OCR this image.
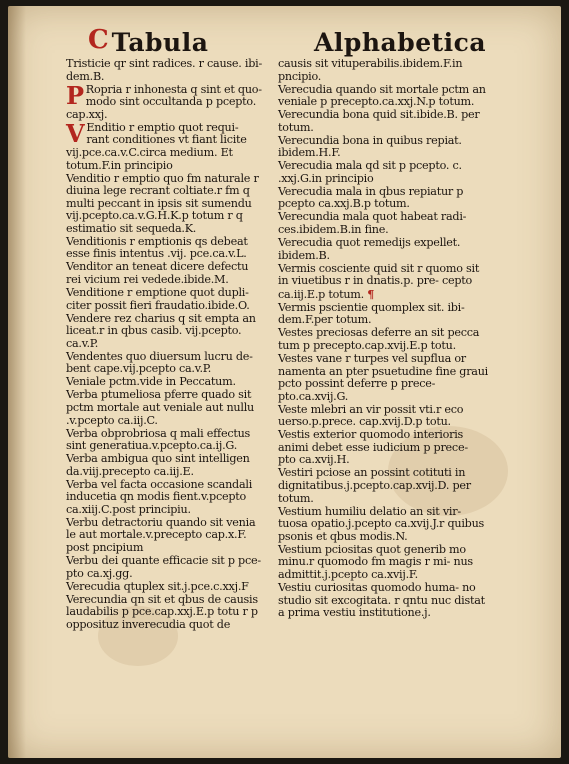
C Tabula	Alphabetica

Tristicie qr sint radices. r cause. ibi- dem.B.

P Ropria r inhonesta q sint et quo- modo sint occultanda p pcepto. cap.xxj.

V Enditio r emptio quot requi- rant conditiones vt fiant licite vij.pce.ca.v.C.circa medium. Et totum.F.in principio

Venditio r emptio quo fm naturale r diuina lege recrant coltiate.r fm q multi peccant in ipsis sit sumendu vij.pcepto.ca.v.G.H.K.p totum r q estimatio sit sequeda.K.

Venditionis r emptionis qs debeat esse finis intentus .vij. pce.ca.v.L.

Venditor an teneat dicere defectu rei vicium rei vedede.ibide.M.

Venditione r emptione quot dupli- citer possit fieri fraudatio.ibide.O.

Vendere rez charius q sit empta an liceat.r in qbus casib. vij.pcepto. ca.v.P.

Vendentes quo diuersum lucru de- bent cape.vij.pcepto ca.v.P.

Veniale pctm.vide in Peccatum.

Verba ptumeliosa pferre quado sit pctm mortale aut veniale aut nullu .v.pcepto ca.iij.C.

Verba obprobriosa q mali effectus sint generatiua.v.pcepto.ca.ij.G.

Verba ambigua quo sint intelligen da.viij.precepto ca.iij.E.

Verba vel facta occasione scandali inducetia qn modis fient.v.pcepto ca.xiij.C.post principiu.

Verbu detractoriu quando sit venia le aut mortale.v.precepto cap.x.F. post pncipium

Verbu dei quante efficacie sit p pce- pto ca.xj.gg.

Verecudia qtuplex sit.j.pce.c.xxj.F

Verecundia qn sit et qbus de causis laudabilis p pce.cap.xxj.E.p totu r p opposituz inverecudia quot de

causis sit vituperabilis.ibidem.F.in pncipio.

Verecudia quando sit mortale pctm an veniale p precepto.ca.xxj.N.p totum.

Verecundia bona quid sit.ibide.B. per totum.

Verecundia bona in quibus repiat. ibidem.H.F.

Verecudia mala qd sit p pcepto. c. .xxj.G.in principio

Verecudia mala in qbus repiatur p pcepto ca.xxj.B.p totum.

Verecundia mala quot habeat radi- ces.ibidem.B.in fine.

Verecudia quot remedijs expellet. ibidem.B.

Vermis cosciente quid sit r quomo sit in viuetibus r in dnatis.p. pre- cepto ca.iij.E.p totum. ¶

Vermis pscientie quomplex sit. ibi- dem.F.per totum.

Vestes preciosas deferre an sit pecca tum p precepto.cap.xvij.E.p totu.

Vestes vane r turpes vel supflua or namenta an pter psuetudine fine graui pcto possint deferre p prece- pto.ca.xvij.G.

Veste mlebri an vir possit vti.r eco uerso.p.prece. cap.xvij.D.p totu.

Vestis exterior quomodo interioris animi debet esse iudicium p prece- pto ca.xvij.H.

Vestiri pciose an possint cotituti in dignitatibus.j.pcepto.cap.xvij.D. per totum.

Vestium humiliu delatio an sit vir- tuosa opatio.j.pcepto ca.xvij.J.r quibus psonis et qbus modis.N.

Vestium pciositas quot generib mo minu.r quomodo fm magis r mi- nus admittit.j.pcepto ca.xvij.F.

Vestiu curiositas quomodo huma- no studio sit excogitata. r qntu nuc distat a prima vestiu institutione.j.
